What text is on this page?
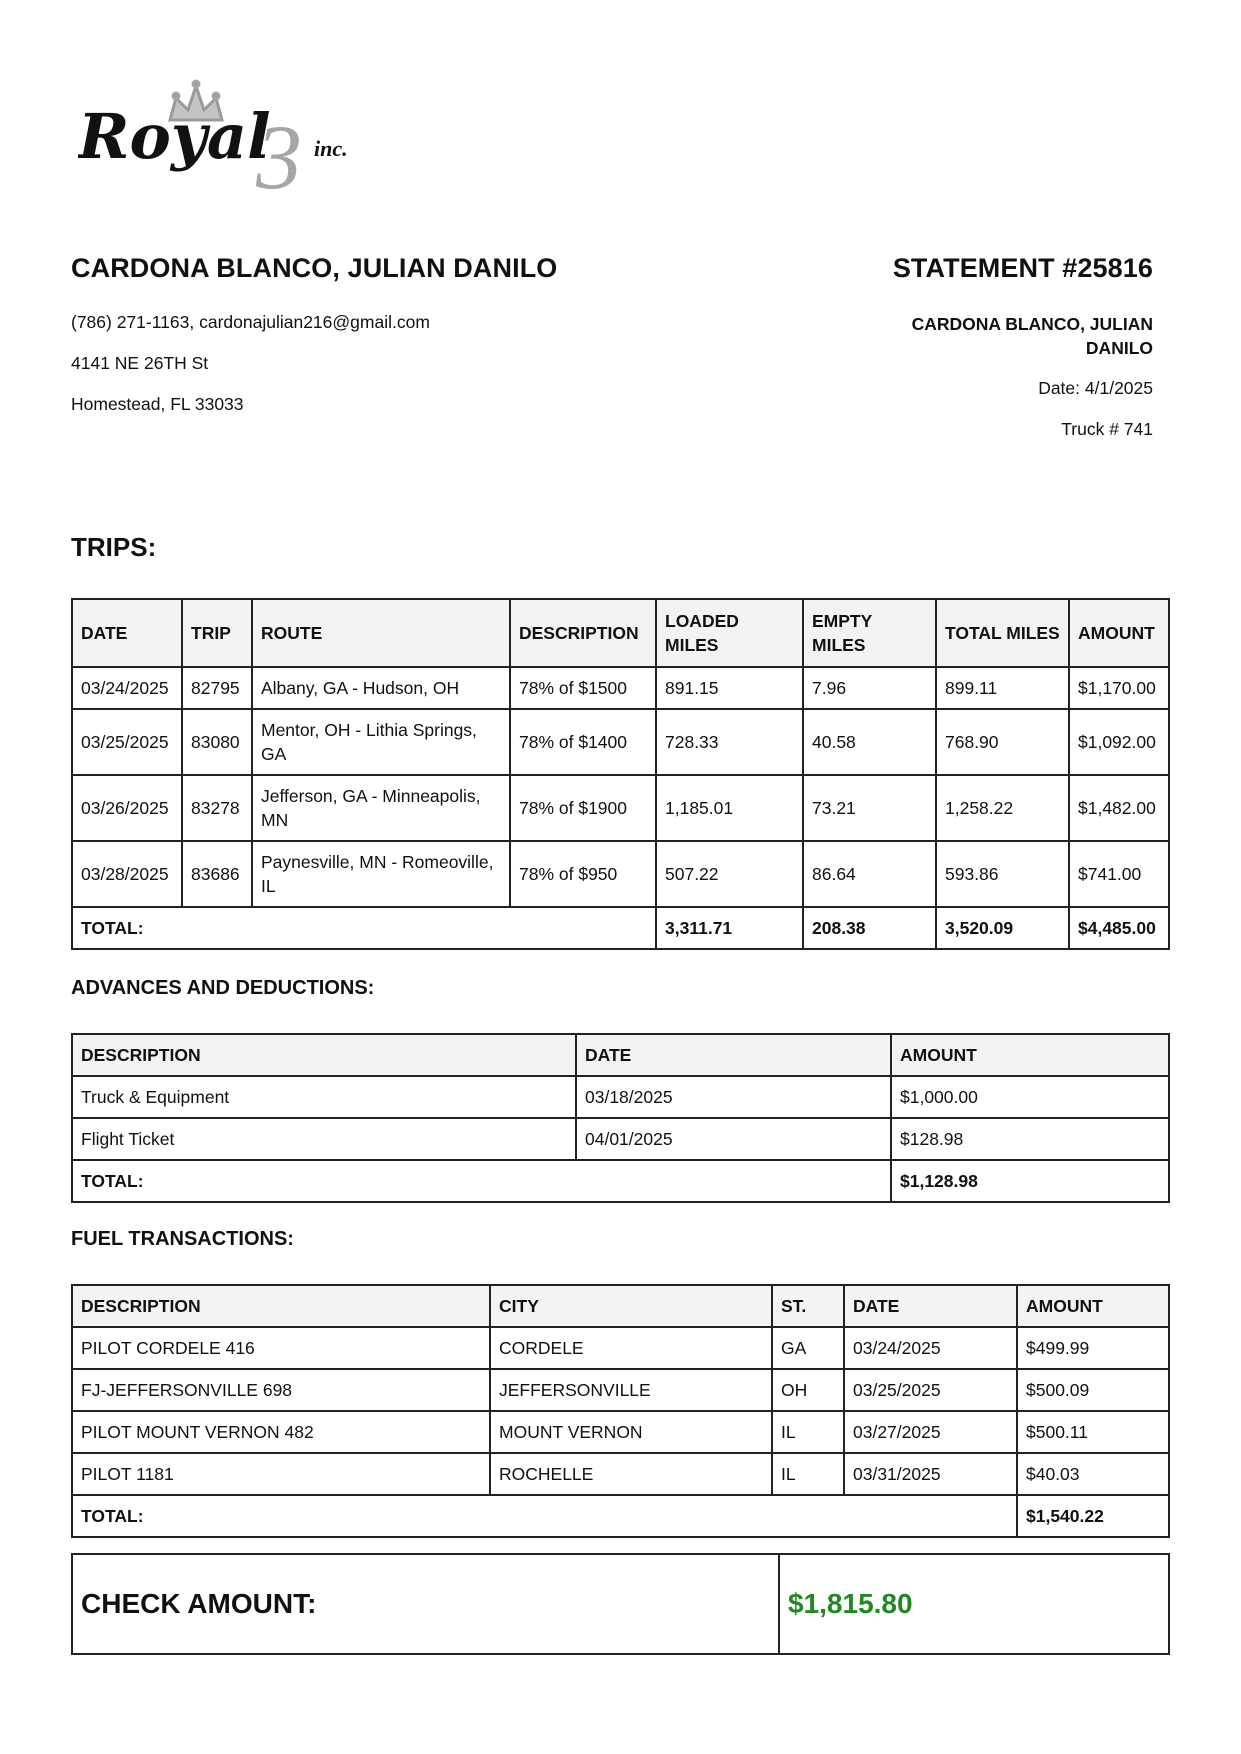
3
Royal inc.

CARDONA BLANCO, JULIAN DANILO

(786) 271-1163, cardonajulian216@gmail.com

4141 NE 26TH St

Homestead, FL 33033

STATEMENT #25816

CARDONA BLANCO, JULIAN DANILO

Date: 4/1/2025

Truck # 741

TRIPS:
DATE	TRIP	ROUTE	DESCRIPTION	LOADED MILES	EMPTY MILES	TOTAL MILES	AMOUNT
03/24/2025	82795	Albany, GA - Hudson, OH	78% of $1500	891.15	7.96	899.11	$1,170.00
03/25/2025	83080	Mentor, OH - Lithia Springs, GA	78% of $1400	728.33	40.58	768.90	$1,092.00
03/26/2025	83278	Jefferson, GA - Minneapolis, MN	78% of $1900	1,185.01	73.21	1,258.22	$1,482.00
03/28/2025	83686	Paynesville, MN - Romeoville, IL	78% of $950	507.22	86.64	593.86	$741.00
TOTAL:				3,311.71	208.38	3,520.09	$4,485.00
ADVANCES AND DEDUCTIONS:
DESCRIPTION	DATE	AMOUNT
Truck & Equipment	03/18/2025	$1,000.00
Flight Ticket	04/01/2025	$128.98
TOTAL:		$1,128.98
FUEL TRANSACTIONS:
DESCRIPTION	CITY	ST.	DATE	AMOUNT
PILOT CORDELE 416	CORDELE	GA	03/24/2025	$499.99
FJ-JEFFERSONVILLE 698	JEFFERSONVILLE	OH	03/25/2025	$500.09
PILOT MOUNT VERNON 482	MOUNT VERNON	IL	03/27/2025	$500.11
PILOT 1181	ROCHELLE	IL	03/31/2025	$40.03
TOTAL:				$1,540.22
CHECK AMOUNT:	$1,815.80
